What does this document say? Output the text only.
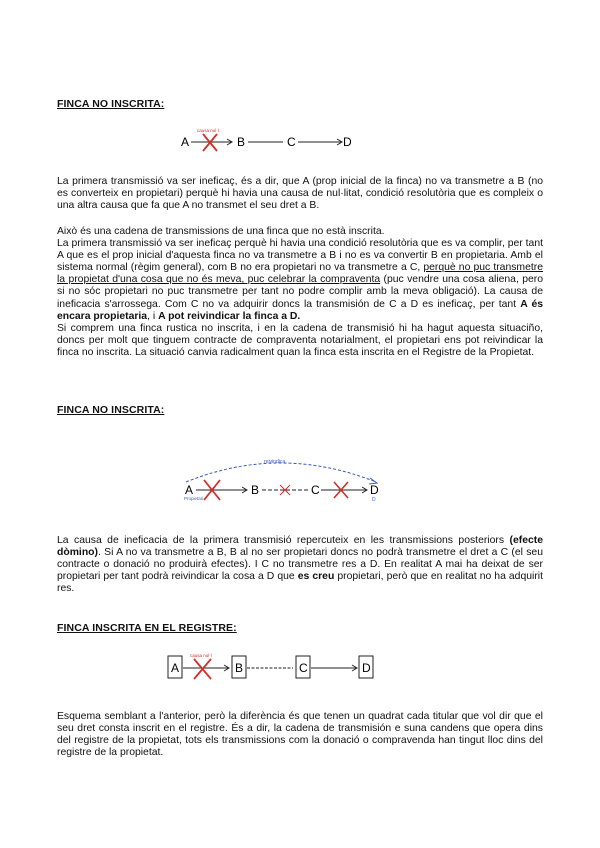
FINCA NO INSCRITA:
A
causa nul·l
B	C	D

La primera transmissió va ser ineficaç, és a dir, que A (prop inicial de la finca) no va transmetre a B (no es converteix en propietari) perquè hi havia una causa de nul·litat, condició resolutòria que es compleix o una altra causa que fa que A no transmet el seu dret a B.

Això és una cadena de transmissions de una finca que no està inscrita.
La primera transmissió va ser ineficaç perquè hi havia una condició resolutòria que es va complir, per tant A que es el prop inicial d'aquesta finca no va transmetre a B i no es va convertir B en propietaria. Amb el sistema normal (règim general), com B no era propietari no va transmetre a C, perquè no puc transmetre la propietat d'una cosa que no és meva, puc celebrar la compraventa (puc vendre una cosa aliena, pero si no sóc propietari no puc transmetre per tant no podre complir amb la meva obligació). La causa de ineficacia s'arrossega. Com C no va adquirir doncs la transmisión de C a D es ineficaç, per tant A és encara propietaria, i A pot reivindicar la finca a D.
Si comprem una finca rustica no inscrita, i en la cadena de transmisió hi ha hagut aquesta situaciño, doncs per molt que tinguem contracte de compraventa notarialment, el propietari ens pot reivindicar la finca no inscrita. La situació canvia radicalment quan la finca esta inscrita en el Registre de la Propietat.

FINCA NO INSCRITA:
reivindica
A
Propietari
B	C	D
D

La causa de ineficacia de la primera transmisió repercuteix en les transmissions posteriors (efecte dòmino). Si A no va transmetre a B, B al no ser propietari doncs no podrà transmetre el dret a C (el seu contracte o donació no produirà efectes). I C no transmetre res a D. En realitat A mai ha deixat de ser propietari per tant podrà reivindicar la cosa a D que es creu propietari, però que en realitat no ha adquirit res.

FINCA INSCRITA EN EL REGISTRE:
A
causa nul·l
B	C	D

Esquema semblant a l'anterior, però la diferència és que tenen un quadrat cada titular que vol dir que el seu dret consta inscrit en el registre. És a dir, la cadena de transmisión e suna candens que opera dins del registre de la propietat, tots els transmissions com la donació o compravenda han tingut lloc dins del registre de la propietat.
